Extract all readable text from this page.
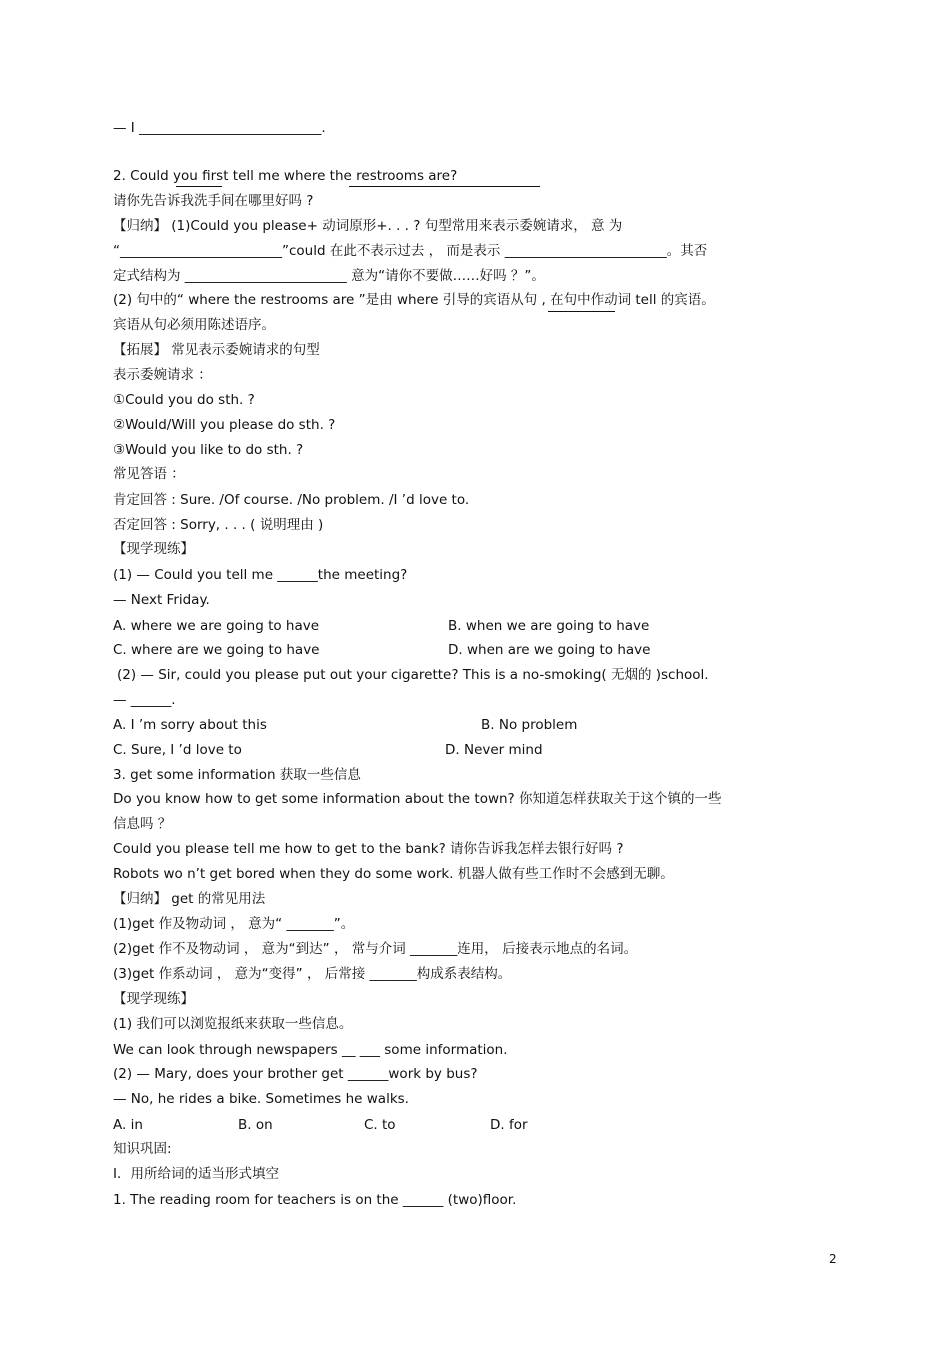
— I ___________________________.
2. Could you first tell me where the restrooms are?
请你先告诉我洗手间在哪里好吗 ?
【归纳】 (1)Could you please+ 动词原形+. . . ? 句型常用来表示委婉请求， 意 为
“________________________”could 在此不表示过去 ， 而是表示 ________________________。其否
定式结构为 ________________________ 意为“请你不要做……好吗 ？”。
(2) 句中的“ where the restrooms are ”是由 where 引导的宾语从句 , 在句中作动词 tell 的宾语。
宾语从句必须用陈述语序。
【拓展】 常见表示委婉请求的句型
表示委婉请求 ：
①Could you do sth. ?
②Would/Will you please do sth. ?
③Would you like to do sth. ?
常见答语 ：
肯定回答 : Sure. /Of course. /No problem. /I ’d love to.
否定回答 : Sorry, . . . ( 说明理由 )
【现学现练】
(1) — Could you tell me ______the meeting?
— Next Friday.
A. where we are going to have	B. when we are going to have
C. where are we going to have	D. when are we going to have
(2) — Sir, could you please put out your cigarette? This is a no-smoking( 无烟的 )school.
— ______.
A. I ’m sorry about this	B. No problem
C. Sure, I ’d love to	D. Never mind
3. get some information 获取一些信息
Do you know how to get some information about the town? 你知道怎样获取关于这个镇的一些
信息吗 ？
Could you please tell me how to get to the bank? 请你告诉我怎样去银行好吗 ?
Robots wo n’t get bored when they do some work. 机器人做有些工作时不会感到无聊。
【归纳】 get 的常见用法
(1)get 作及物动词 ， 意为“ _______”。
(2)get 作不及物动词 ， 意为“到达” ， 常与介词 _______连用， 后接表示地点的名词。
(3)get 作系动词 ， 意为“变得” ， 后常接 _______构成系表结构。
【现学现练】
(1) 我们可以浏览报纸来获取一些信息。
We can look through newspapers __ ___ some information.
(2) — Mary, does your brother get ______work by bus?
— No, he rides a bike. Sometimes he walks.
A. in	B. on	C. to	D. for
知识巩固:
Ⅰ．用所给词的适当形式填空
1. The reading room for teachers is on the ______ (two)floor.
2
